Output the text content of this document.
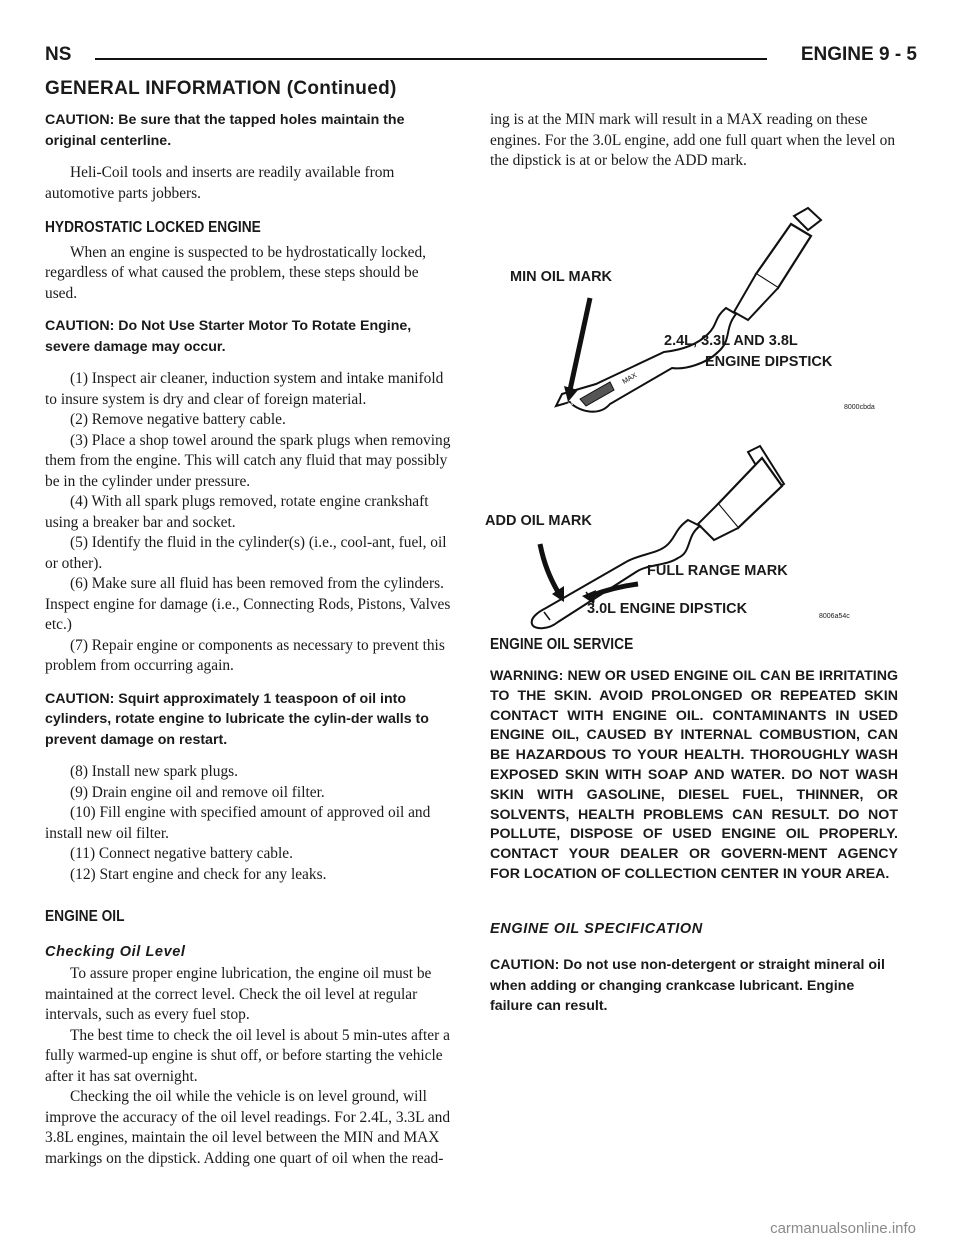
NS	ENGINE 9 - 5
GENERAL INFORMATION (Continued)

CAUTION: Be sure that the tapped holes maintain the original centerline.

Heli-Coil tools and inserts are readily available from automotive parts jobbers.

HYDROSTATIC LOCKED ENGINE

When an engine is suspected to be hydrostatically locked, regardless of what caused the problem, these steps should be used.

CAUTION: Do Not Use Starter Motor To Rotate Engine, severe damage may occur.

(1) Inspect air cleaner, induction system and intake manifold to insure system is dry and clear of foreign material.

(2) Remove negative battery cable.

(3) Place a shop towel around the spark plugs when removing them from the engine. This will catch any fluid that may possibly be in the cylinder under pressure.

(4) With all spark plugs removed, rotate engine crankshaft using a breaker bar and socket.

(5) Identify the fluid in the cylinder(s) (i.e., cool-ant, fuel, oil or other).

(6) Make sure all fluid has been removed from the cylinders. Inspect engine for damage (i.e., Connecting Rods, Pistons, Valves etc.)

(7) Repair engine or components as necessary to prevent this problem from occurring again.

CAUTION: Squirt approximately 1 teaspoon of oil into cylinders, rotate engine to lubricate the cylin-der walls to prevent damage on restart.

(8) Install new spark plugs.

(9) Drain engine oil and remove oil filter.

(10) Fill engine with specified amount of approved oil and install new oil filter.

(11) Connect negative battery cable.

(12) Start engine and check for any leaks.

ENGINE OIL
Checking Oil Level

To assure proper engine lubrication, the engine oil must be maintained at the correct level. Check the oil level at regular intervals, such as every fuel stop.

The best time to check the oil level is about 5 min-utes after a fully warmed-up engine is shut off, or before starting the vehicle after it has sat overnight.

Checking the oil while the vehicle is on level ground, will improve the accuracy of the oil level readings. For 2.4L, 3.3L and 3.8L engines, maintain the oil level between the MIN and MAX markings on the dipstick. Adding one quart of oil when the read-

ing is at the MIN mark will result in a MAX reading on these engines. For the 3.0L engine, add one full quart when the level on the dipstick is at or below the ADD mark.

MAX
MIN
MIN OIL MARK
2.4L, 3.3L AND 3.8L
ENGINE DIPSTICK
8000cbda
ADD OIL MARK
FULL RANGE MARK
3.0L ENGINE DIPSTICK	8006a54c
ENGINE OIL SERVICE

WARNING: NEW OR USED ENGINE OIL CAN BE IRRITATING TO THE SKIN. AVOID PROLONGED OR REPEATED SKIN CONTACT WITH ENGINE OIL. CONTAMINANTS IN USED ENGINE OIL, CAUSED BY INTERNAL COMBUSTION, CAN BE HAZARDOUS TO YOUR HEALTH. THOROUGHLY WASH EXPOSED SKIN WITH SOAP AND WATER. DO NOT WASH SKIN WITH GASOLINE, DIESEL FUEL, THINNER, OR SOLVENTS, HEALTH PROBLEMS CAN RESULT. DO NOT POLLUTE, DISPOSE OF USED ENGINE OIL PROPERLY. CONTACT YOUR DEALER OR GOVERN-MENT AGENCY FOR LOCATION OF COLLECTION CENTER IN YOUR AREA.

ENGINE OIL SPECIFICATION

CAUTION: Do not use non-detergent or straight mineral oil when adding or changing crankcase lubricant. Engine failure can result.

carmanualsonline.info
